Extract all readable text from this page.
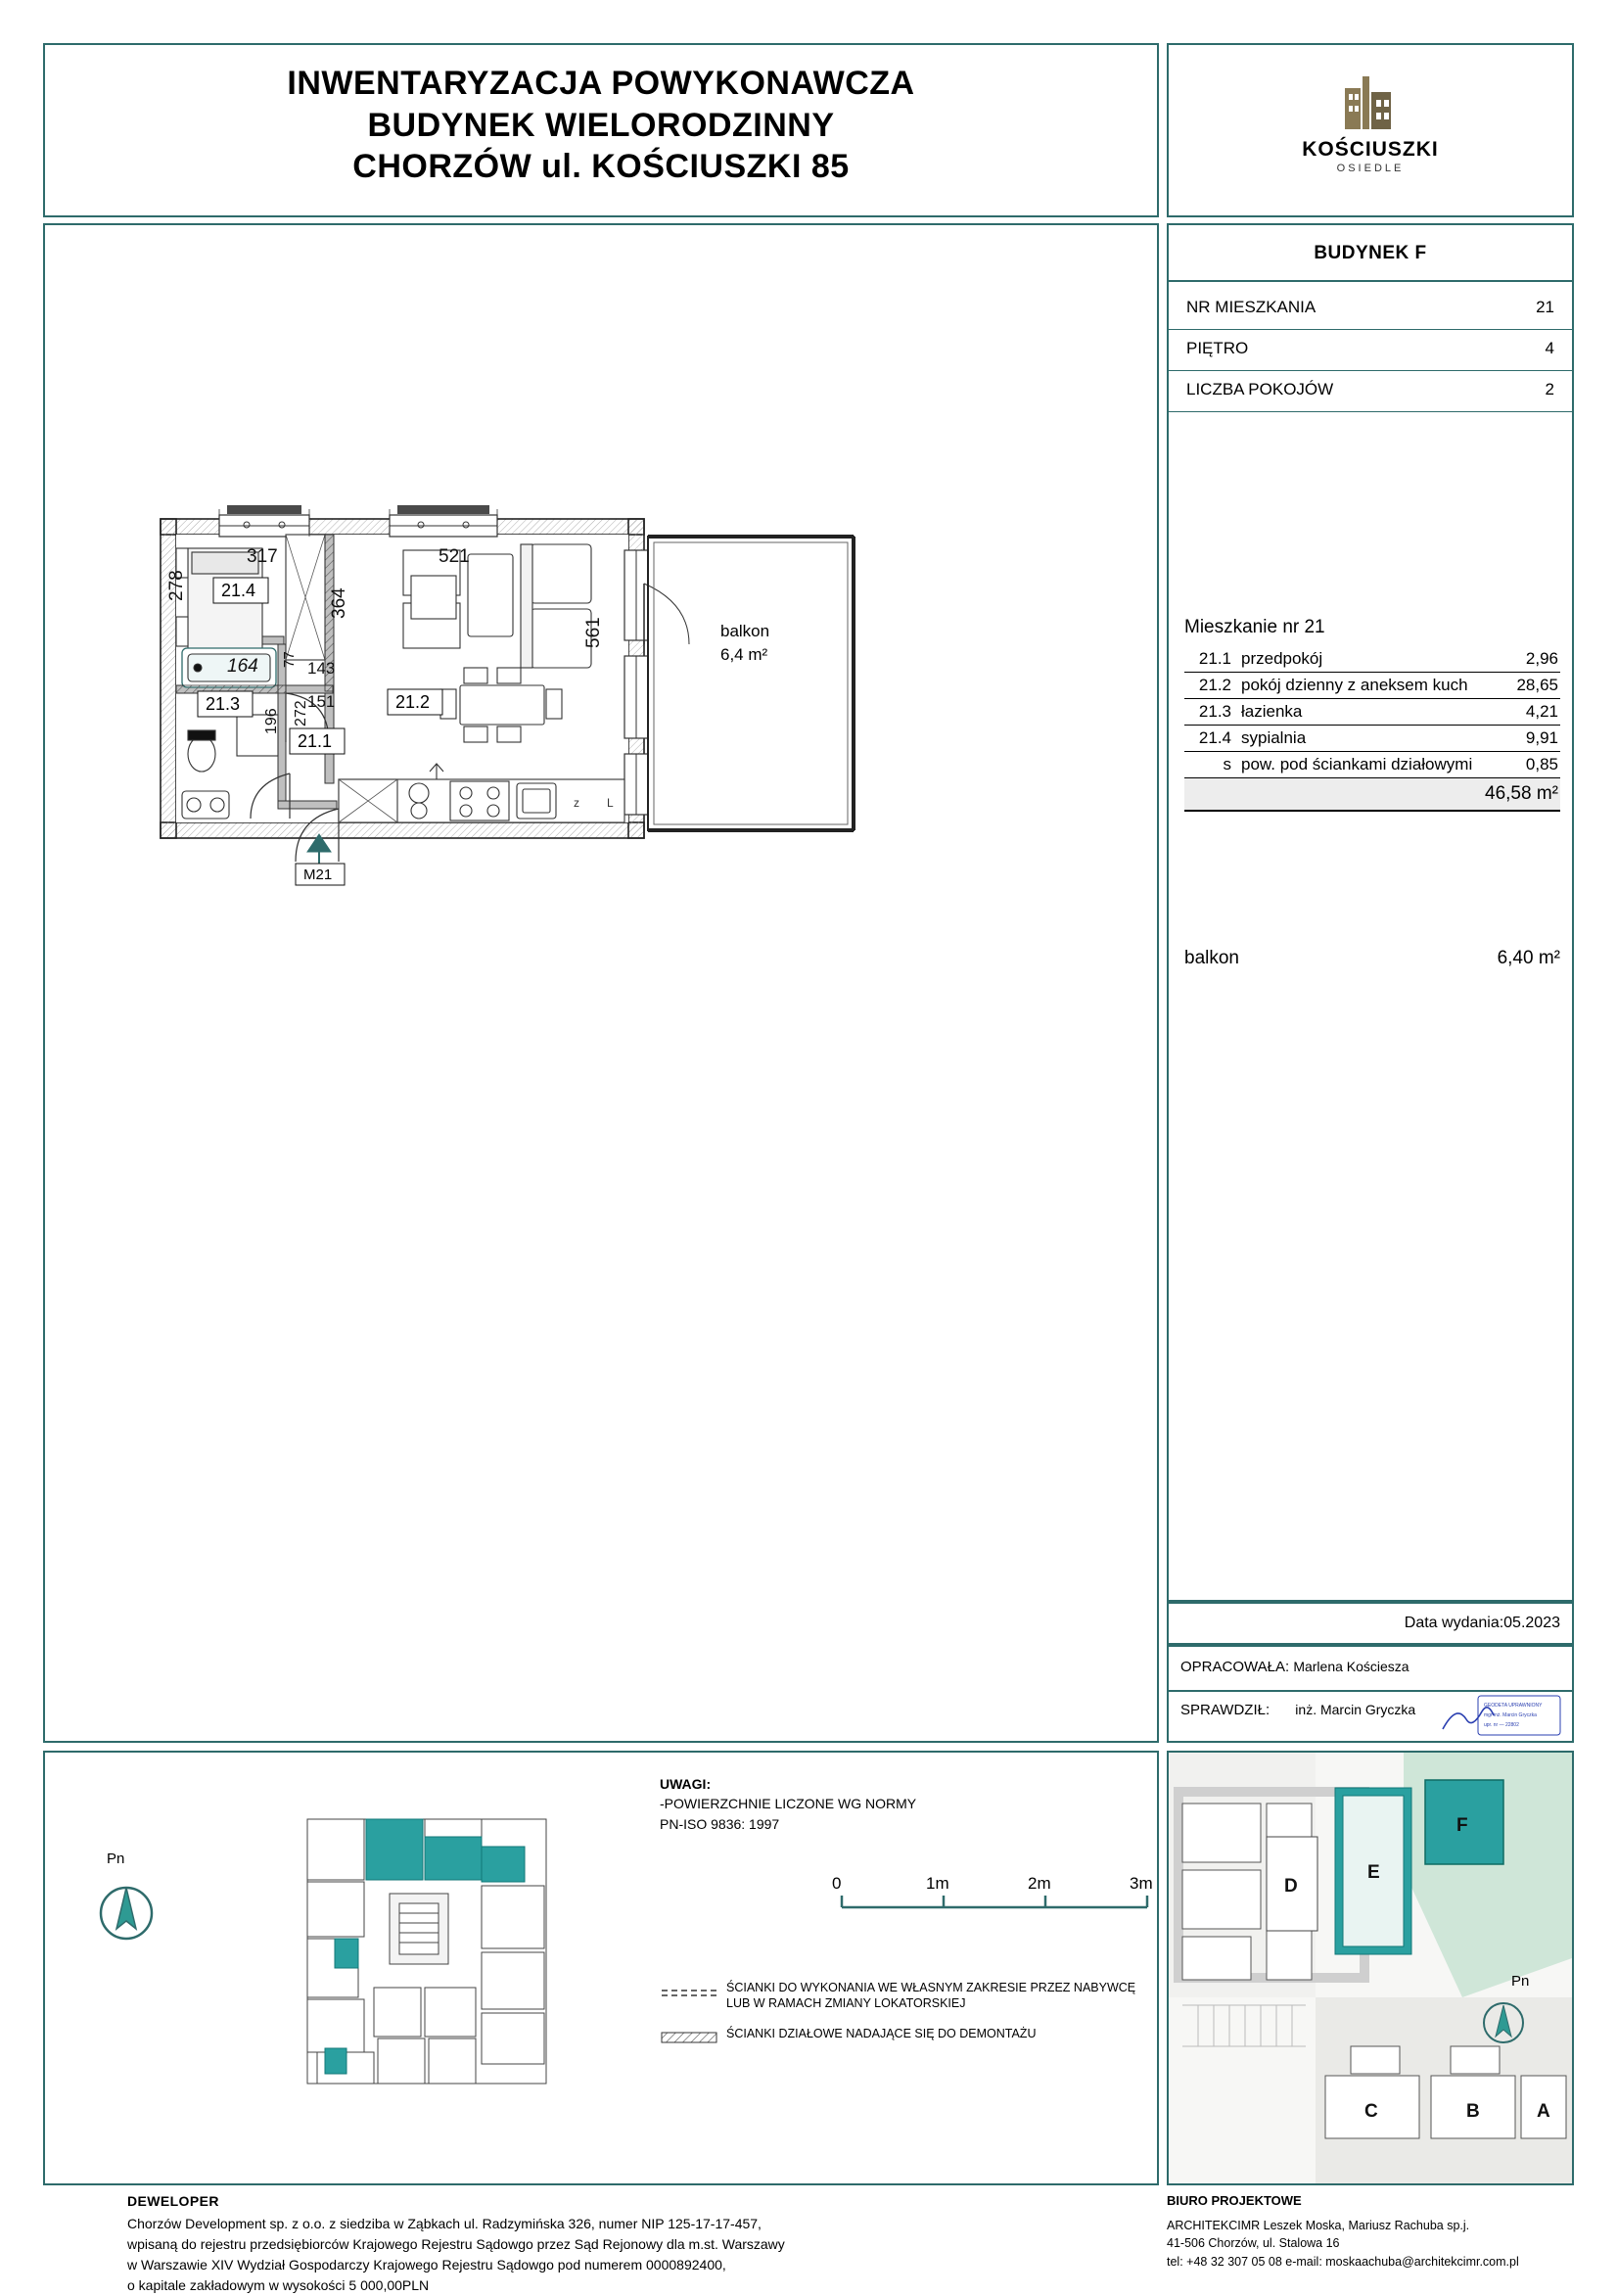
INWENTARYZACJA POWYKONAWCZA
BUDYNEK WIELORODZINNY
CHORZÓW ul. KOŚCIUSZKI 85	KOŚCIUSZKI
OSIEDLE
balkon
6,4 m²
z L
317	521
278
364
561
164 77 143
151
272
196
21.4
21.3	21.2
21.1
M21
Pn
0	1m	2m	3m
BUDYNEK F
NR MIESZKANIA	21
PIĘTRO	4
LICZBA POKOJÓW	2
Mieszkanie nr 21
21.1	przedpokój	2,96
21.2	pokój dzienny z aneksem kuch	28,65
21.3	łazienka	4,21
21.4	sypialnia	9,91
s	pow. pod ściankami działowymi	0,85
46,58 m²		
balkon	6,40 m²
Data wydania:05.2023
OPRACOWAŁA: Marlena Kościesza
SPRAWDZIŁ: inż. Marcin Gryczka	GEODETA UPRAWNIONY
mgr inż. Marcin Gryczka
upr. nr — 22802
UWAGI:
-POWIERZCHNIE LICZONE WG NORMY
PN-ISO 9836: 1997
ŚCIANKI DO WYKONANIA WE WŁASNYM ZAKRESIE PRZEZ NABYWCĘ LUB W RAMACH ZMIANY LOKATORSKIEJ
ŚCIANKI DZIAŁOWE NADAJĄCE SIĘ DO DEMONTAŻU
F
E
D
C	B	A
Pn
DEWELOPER
Chorzów Development sp. z o.o. z siedziba w Ząbkach ul. Radzymińska 326, numer NIP 125-17-17-457,
wpisaną do rejestru przedsiębiorców Krajowego Rejestru Sądowgo przez Sąd Rejonowy dla m.st. Warszawy
w Warszawie XIV Wydział Gospodarczy Krajowego Rejestru Sądowgo pod numerem 0000892400,
o kapitale zakładowym w wysokości 5 000,00PLN
BIURO PROJEKTOWE
ARCHITEKCIMR Leszek Moska, Mariusz Rachuba sp.j.
41-506 Chorzów, ul. Stalowa 16
tel: +48 32 307 05 08 e-mail: moskaachuba@architekcimr.com.pl
